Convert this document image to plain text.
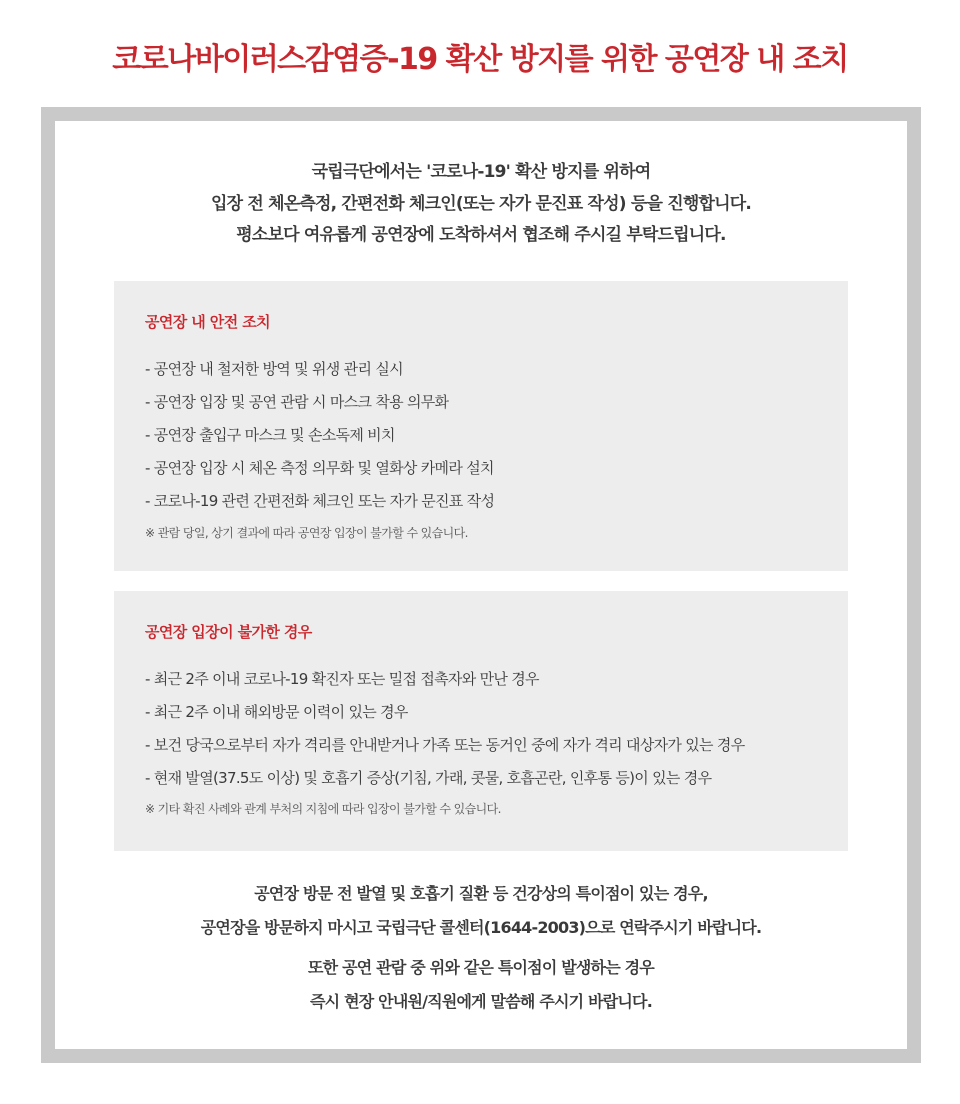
코로나바이러스감염증-19 확산 방지를 위한 공연장 내 조치
국립극단에서는 '코로나-19' 확산 방지를 위하여
입장 전 체온측정, 간편전화 체크인(또는 자가 문진표 작성) 등을 진행합니다.
평소보다 여유롭게 공연장에 도착하셔서 협조해 주시길 부탁드립니다.
공연장 내 안전 조치
- 공연장 내 철저한 방역 및 위생 관리 실시
- 공연장 입장 및 공연 관람 시 마스크 착용 의무화
- 공연장 출입구 마스크 및 손소독제 비치
- 공연장 입장 시 체온 측정 의무화 및 열화상 카메라 설치
- 코로나-19 관련 간편전화 체크인 또는 자가 문진표 작성
※ 관람 당일, 상기 결과에 따라 공연장 입장이 불가할 수 있습니다.
공연장 입장이 불가한 경우
- 최근 2주 이내 코로나-19 확진자 또는 밀접 접촉자와 만난 경우
- 최근 2주 이내 해외방문 이력이 있는 경우
- 보건 당국으로부터 자가 격리를 안내받거나 가족 또는 동거인 중에 자가 격리 대상자가 있는 경우
- 현재 발열(37.5도 이상) 및 호흡기 증상(기침, 가래, 콧물, 호흡곤란, 인후통 등)이 있는 경우
※ 기타 확진 사례와 관계 부처의 지침에 따라 입장이 불가할 수 있습니다.
공연장 방문 전 발열 및 호흡기 질환 등 건강상의 특이점이 있는 경우,
공연장을 방문하지 마시고 국립극단 콜센터(1644-2003)으로 연락주시기 바랍니다.
또한 공연 관람 중 위와 같은 특이점이 발생하는 경우
즉시 현장 안내원/직원에게 말씀해 주시기 바랍니다.
